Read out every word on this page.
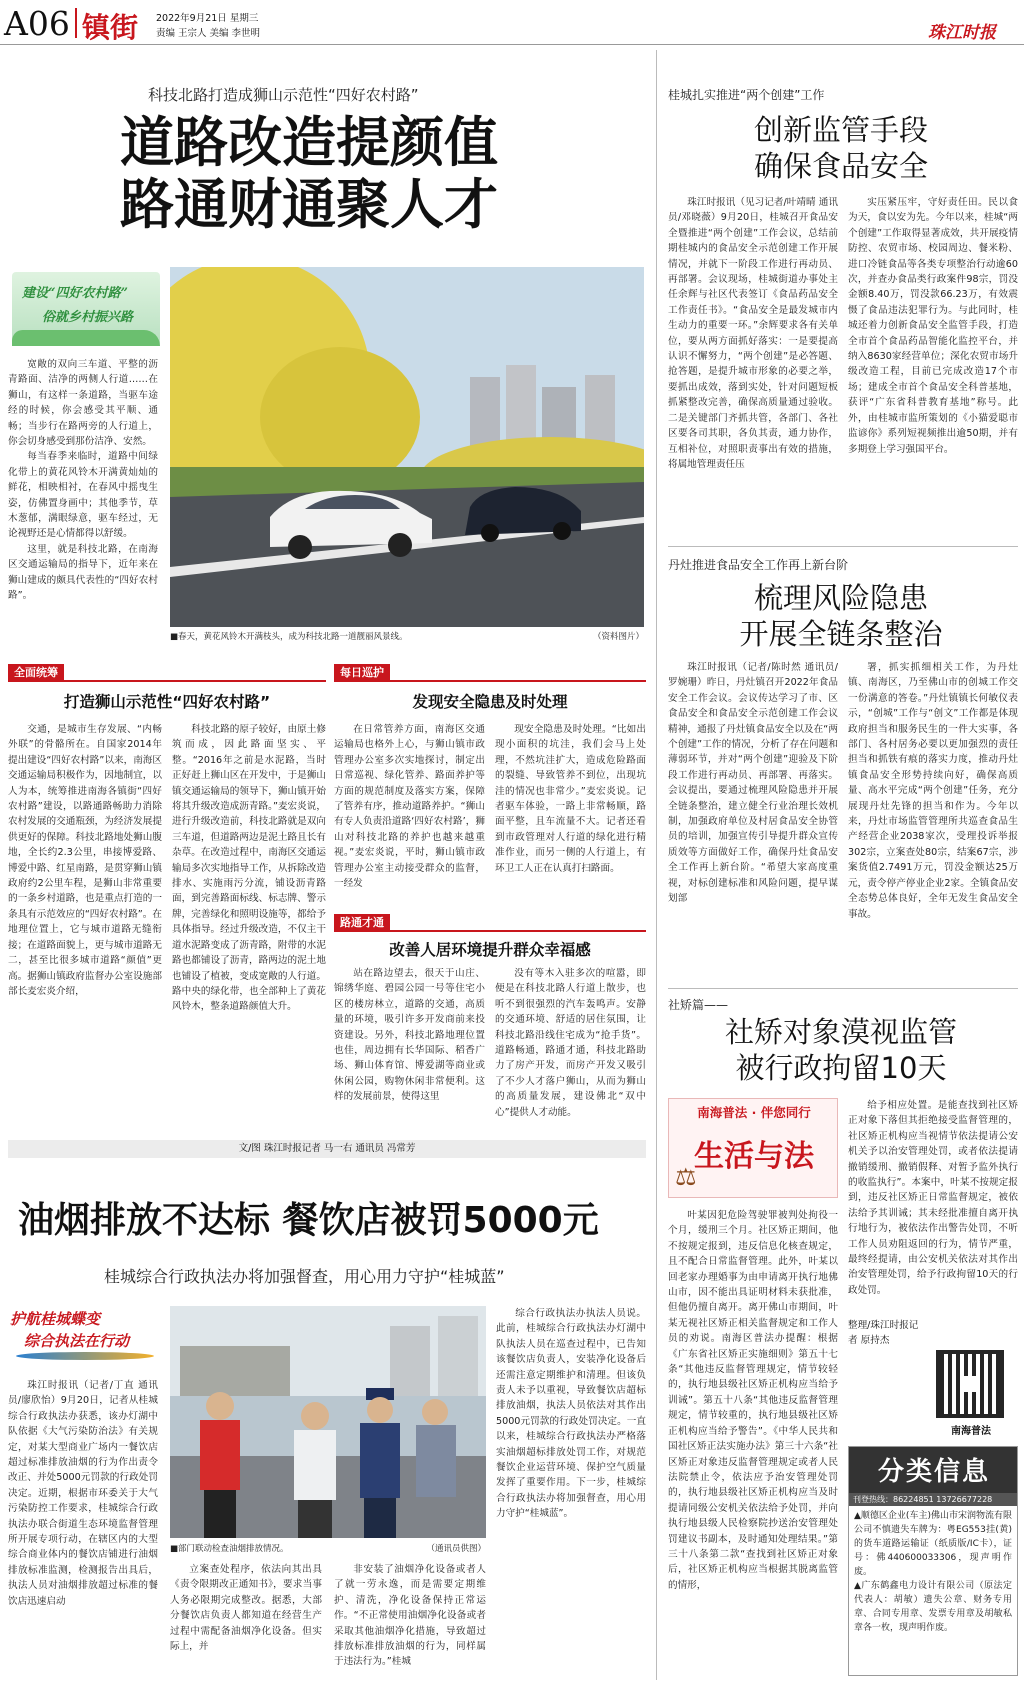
A06 镇街 2022年9月21日 星期三
责编 王宗人 美编 李世明	珠江时报
科技北路打造成狮山示范性“四好农村路”
道路改造提颜值
路通财通聚人才
建设“四好农村路”
俗就乡村振兴路

宽敞的双向三车道、平整的沥青路面、洁净的两侧人行道……在狮山，有这样一条道路，当驱车途经的时候，你会感受其平顺、通畅；当步行在路两旁的人行道上，你会切身感受到那份洁净、安然。

每当春季来临时，道路中间绿化带上的黄花风铃木开满黄灿灿的鲜花，相映相衬，在春风中摇曳生姿，仿佛置身画中；其他季节，草木葱郁，满眼绿意，驱车经过，无论视野还是心情都得以舒缓。

这里，就是科技北路，在南海区交通运输局的指导下，近年来在狮山建成的颇具代表性的“四好农村路”。

■春天，黄花风铃木开满枝头，成为科技北路一道靓丽风景线。	（资料图片）
全面统筹	每日巡护
打造狮山示范性“四好农村路”	发现安全隐患及时处理

交通，是城市生存发展、“内畅外联”的骨骼所在。自国家2014年提出建设“四好农村路”以来，南海区交通运输局积极作为，因地制宜，以人为本，统筹推进南海各镇街“四好农村路”建设，以路通路畅助力消除农村发展的交通瓶颈，为经济发展提供更好的保障。科技北路地处狮山腹地，全长约2.3公里，串接博爱路、博爱中路、红星南路，是贯穿狮山镇政府约2公里车程，是狮山非常重要的一条乡村道路，也是重点打造的一条具有示范效应的“四好农村路”。在地理位置上，它与城市道路无缝衔接；在道路面貌上，更与城市道路无二，甚至比很多城市道路“颜值”更高。据狮山镇政府监督办公室设施部部长麦宏炎介绍，

科技北路的原子较好，由原土修筑而成，因此路面坚实、平整。“2016年之前是水泥路，当时正好赶上狮山区在开发中，于是狮山镇交通运输局的领导下，狮山镇开始将其升级改造成沥青路。”麦宏炎说，进行升级改造前，科技北路就是双向三车道，但道路两边是泥土路且长有杂草。在改造过程中，南海区交通运输局多次实地指导工作，从拆除改造排水、实施雨污分流，铺设沥青路面，到完善路面标线、标志牌、警示牌，完善绿化和照明设施等，都给予具体指导。经过升级改造，不仅主干道水泥路变成了沥青路，附带的水泥路也都铺设了沥青，路两边的泥土地也铺设了植被，变成宽敞的人行道。路中央的绿化带，也全部种上了黄花风铃木，整条道路颜值大升。

在日常管养方面，南海区交通运输局也格外上心，与狮山镇市政管理办公室多次实地探讨，制定出日常巡视、绿化管养、路面养护等方面的规范制度及落实方案，保障了管养有序，推动道路养护。“狮山有专人负责沿道路‘四好农村路’，狮山对科技北路的养护也越来越重视。”麦宏炎说，平时，狮山镇市政管理办公室主动接受群众的监督，一经发

现安全隐患及时处理。“比如出现小面积的坑洼，我们会马上处理，不然坑洼扩大，造成危险路面的裂缝、导致管养不到位，出现坑洼的情况也非常少。”麦宏炎说。记者驱车体验，一路上非常畅顺，路面平整，且车流量不大。记者还看到市政管理对人行道的绿化进行精准作业，而另一侧的人行道上，有环卫工人正在认真打扫路面。

路通才通
改善人居环境提升群众幸福感

站在路边望去，很天于山庄、锦绣华庭、碧园公园一号等住宅小区的楼房林立，道路的交通，高质量的环境，吸引许多开发商前来投资建设。另外，科技北路地理位置也佳，周边拥有长华国际、稻香广场、狮山体育馆、博爱湖等商业或休闲公园，购物休闲非常便利。这样的发展前景，使得这里

没有等木入驻多次的喧嚣，即便是在科技北路人行道上散步，也听不到很强烈的汽车轰鸣声。安静的交通环境、舒适的居住氛围，让科技北路沿线住宅成为“抢手货”。道路畅通，路通才通，科技北路助力了房产开发，而房产开发又吸引了不少人才落户狮山，从而为狮山的高质量发展，建设佛北“双中心”提供人才动能。

文/图 珠江时报记者 马一右 通讯员 冯常芳
桂城扎实推进“两个创建”工作
创新监管手段
确保食品安全

珠江时报讯（见习记者/叶靖晴 通讯员/邓晓薇）9月20日，桂城召开食品安全暨推进“两个创建”工作会议，总结前期桂城内的食品安全示范创建工作开展情况，并就下一阶段工作进行再动员、再部署。会议现场，桂城街道办事处主任余辉与社区代表签订《食品药品安全工作责任书》。“食品安全是最发城市内生动力的重要一环。”余辉要求各有关单位，要从两方面抓好落实：一是要提高认识不懈努力，“两个创建”是必答题、抢答题，是提升城市形象的必要之举，要抓出成效，落到实处，针对问题短板抓紧整改完善，确保高质量通过验收。二是关键部门齐抓共管，各部门、各社区要各司其职，各负其责，通力协作，互相补位，对照职责事出有效的措施，将属地管理责任压

实压紧压牢，守好责任田。民以食为天，食以安为先。今年以来，桂城“两个创建”工作取得显著成效，共开展疫情防控、农贸市场、校园周边、餐米粉、进口冷链食品等各类专项整治行动逾60次，并查办食品类行政案件98宗，罚没金额8.40万，罚没款66.23万，有效震慑了食品违法犯罪行为。与此同时，桂城还着力创新食品安全监管手段，打造全市首个食品药品智能化监控平台，并纳入8630家经营单位；深化农贸市场升级改造工程，目前已完成改造17个市场；建成全市首个食品安全科普基地，获评“广东省科普教育基地”称号。此外，由桂城市监所策划的《小猫爱聪市监谚你》系列短视频推出逾50期，并有多期登上学习强国平台。

丹灶推进食品安全工作再上新台阶
梳理风险隐患
开展全链条整治

珠江时报讯（记者/陈时然 通讯员/罗婉珊）昨日，丹灶镇召开2022年食品安全工作会议。会议传达学习了市、区食品安全和食品安全示范创建工作会议精神，通报了丹灶镇食品安全以及在“两个创建”工作的情况，分析了存在问题和薄弱环节，并对“两个创建”迎验及下阶段工作进行再动员、再部署、再落实。会议提出，要通过梳理风险隐患并开展全链条整治，建立健全行业治理长效机制，加强政府单位及村居食品安全协管员的培训，加强宣传引导提升群众宣传质效等方面做好工作，确保丹灶食品安全工作再上新台阶。“希望大家高度重视，对标创建标准和风险问题，提早谋划部

署，抓实抓细相关工作，为丹灶镇、南海区，乃至佛山市的创城工作交一份满意的答卷。”丹灶镇镇长何敏仪表示，“创城”工作与“创文”工作都是体现政府担当和服务民生的一件大实事，各部门、各村居务必要以更加强烈的责任担当和抓铁有痕的落实力度，推动丹灶镇食品安全形势持续向好，确保高质量、高水平完成“两个创建”任务，充分展现丹灶先锋的担当和作为。今年以来，丹灶市场监管管理所共巡查食品生产经营企业2038家次，受理投诉举报302宗，立案查处80宗，结案67宗，涉案货值2.7491万元，罚没金额达25万元，责令停产停业企业2家。全镇食品安全态势总体良好，全年无发生食品安全事故。

社矫篇——
社矫对象漠视监管
被行政拘留10天
南海普法 · 伴您同行
生活与法
⚖

叶某因犯危险驾驶罪被判处拘役一个月，缓刑三个月。社区矫正期间，他不按规定报到，违反信息化核查规定，且不配合日常监督管理。此外，叶某以回老家办理婚事为由申请离开执行地佛山市，因不能出具证明材料未获批准，但他仍擅自离开。离开佛山市期间，叶某无视社区矫正相关监督规定和工作人员的劝说。南海区普法办提醒：根据《广东省社区矫正实施细则》第五十七条“其他违反监督管理规定，情节较轻的，执行地县级社区矫正机构应当给予训诫”。第五十八条“其他违反监督管理规定，情节较重的，执行地县级社区矫正机构应当给予警告”。《中华人民共和国社区矫正法实施办法》第三十六条“社区矫正对象违反监督管理规定或者人民法院禁止令，依法应予治安管理处罚的，执行地县级社区矫正机构应当及时提请同级公安机关依法给予处罚，并向执行地县级人民检察院抄送治安管理处罚建议书副本，及时通知处理结果。”第三十八条第二款“查找到社区矫正对象后，社区矫正机构应当根据其脱离监管的情形，

给予相应处置。是能查找到社区矫正对象下落但其拒绝接受监督管理的，社区矫正机构应当视情节依法提请公安机关予以治安管理处罚，或者依法提请撤销缓刑、撤销假释、对暂予监外执行的收监执行”。本案中，叶某不按规定报到，违反社区矫正日常监督规定，被依法给予其训诫；其未经批准擅自离开执行地行为，被依法作出警告处罚，不听工作人员劝阻返回的行为，情节严重，最终经提请，由公安机关依法对其作出治安管理处罚，给予行政拘留10天的行政处罚。

整理/珠江时报记者 原持杰
南海普法
分类信息
刊登热线：86224851 13726677228
▲顺德区企业(车主)佛山市宋润物流有限公司不慎遗失车牌为：粤EG553挂(黄)的货车道路运输证（纸质版/IC卡），证号：佛440600033306，现声明作废。
▲广东鹤鑫电力设计有限公司（原法定代表人：胡敏）遗失公章、财务专用章、合同专用章、发票专用章及胡敏私章各一枚，现声明作废。
油烟排放不达标 餐饮店被罚5000元
桂城综合行政执法办将加强督查，用心用力守护“桂城蓝”
护航桂城蝶变
综合执法在行动

珠江时报讯（记者/丁直 通讯员/廖欣怡）9月20日，记者从桂城综合行政执法办获悉，该办灯湖中队依据《大气污染防治法》有关规定，对某大型商业广场内一餐饮店超过标准排放油烟的行为作出责令改正、并处5000元罚款的行政处罚决定。近期，根据市环委关于大气污染防控工作要求，桂城综合行政执法办联合街道生态环境监督管理所开展专项行动，在辖区内的大型综合商业体内的餐饮店铺进行油烟排放标准监测，检测报告出具后，执法人员对油烟排放超过标准的餐饮店迅速启动

■部门联动检查油烟排放情况。	（通讯员供图）

立案查处程序，依法向其出具《责令限期改正通知书》，要求当事人务必限期完成整改。据悉，大部分餐饮店负责人都知道在经营生产过程中需配备油烟净化设备。但实际上，并

非安装了油烟净化设备或者人了就一劳永逸，而是需要定期维护、清洗，净化设备保持正常运作。“不正常使用油烟净化设备或者采取其他油烟净化措施，导致超过排放标准排放油烟的行为，同样属于违法行为。”桂城

综合行政执法办执法人员说。此前，桂城综合行政执法办灯湖中队执法人员在巡查过程中，已告知该餐饮店负责人，安装净化设备后还需注意定期维护和清理。但该负责人未予以重视，导致餐饮店超标排放油烟，执法人员依法对其作出5000元罚款的行政处罚决定。一直以来，桂城综合行政执法办严格落实油烟超标排放处罚工作，对规范餐饮企业运营环境、保护空气质量发挥了重要作用。下一步，桂城综合行政执法办将加强督查，用心用力守护“桂城蓝”。
